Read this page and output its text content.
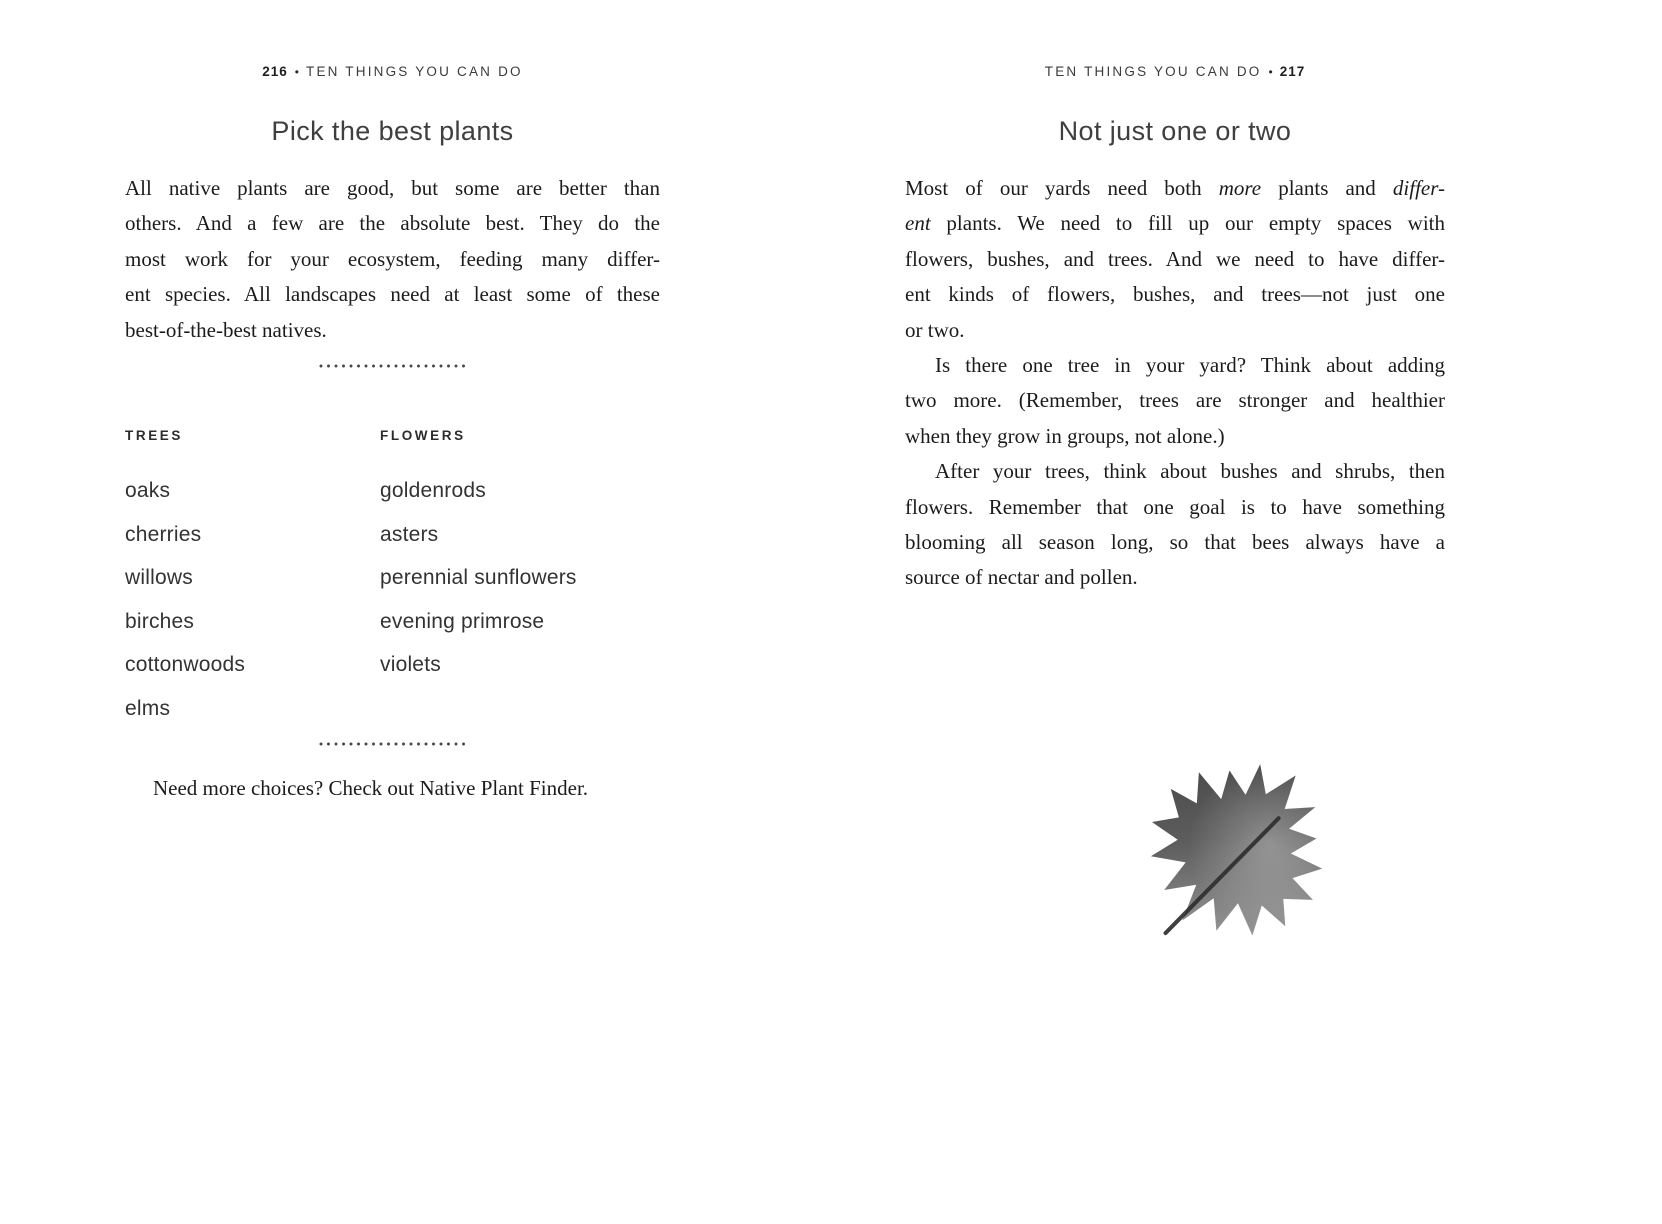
216 • TEN THINGS YOU CAN DO
Pick the best plants
All native plants are good, but some are better than
others. And a few are the absolute best. They do the
most work for your ecosystem, feeding many differ-
ent species. All landscapes need at least some of these
best-of-the-best natives.
TREES
oaks
cherries
willows
birches
cottonwoods
elms
FLOWERS
goldenrods
asters
perennial sunflowers
evening primrose
violets

Need more choices? Check out Native Plant Finder.

TEN THINGS YOU CAN DO • 217
Not just one or two
Most of our yards need both more plants and differ-
ent plants. We need to fill up our empty spaces with
flowers, bushes, and trees. And we need to have differ-
ent kinds of flowers, bushes, and trees—not just one
or two.
Is there one tree in your yard? Think about adding
two more. (Remember, trees are stronger and healthier
when they grow in groups, not alone.)
After your trees, think about bushes and shrubs, then
flowers. Remember that one goal is to have something
blooming all season long, so that bees always have a
source of nectar and pollen.
